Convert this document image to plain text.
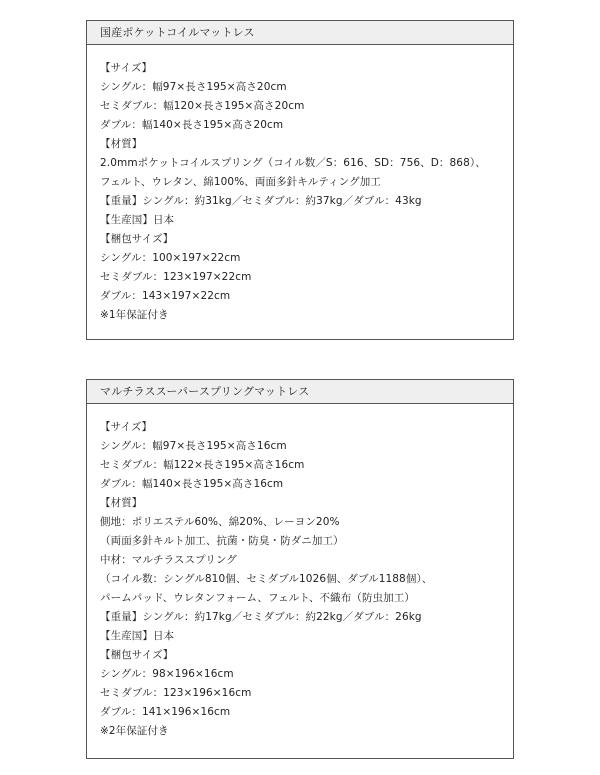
国産ポケットコイルマットレス
【サイズ】
シングル：幅97×長さ195×高さ20cm
セミダブル：幅120×長さ195×高さ20cm
ダブル：幅140×長さ195×高さ20cm
【材質】
2.0mmポケットコイルスプリング（コイル数／S：616、SD：756、D：868）、
フェルト、ウレタン、綿100%、両面多針キルティング加工
【重量】シングル：約31kg／セミダブル：約37kg／ダブル：43kg
【生産国】日本
【梱包サイズ】
シングル：100×197×22cm
セミダブル：123×197×22cm
ダブル：143×197×22cm
※1年保証付き
マルチラススーパースプリングマットレス
【サイズ】
シングル：幅97×長さ195×高さ16cm
セミダブル：幅122×長さ195×高さ16cm
ダブル：幅140×長さ195×高さ16cm
【材質】
側地：ポリエステル60%、綿20%、レーヨン20%
（両面多針キルト加工、抗菌・防臭・防ダニ加工）
中材：マルチラススプリング
（コイル数：シングル810個、セミダブル1026個、ダブル1188個）、
パームパッド、ウレタンフォーム、フェルト、不織布（防虫加工）
【重量】シングル：約17kg／セミダブル：約22kg／ダブル：26kg
【生産国】日本
【梱包サイズ】
シングル：98×196×16cm
セミダブル：123×196×16cm
ダブル：141×196×16cm
※2年保証付き
